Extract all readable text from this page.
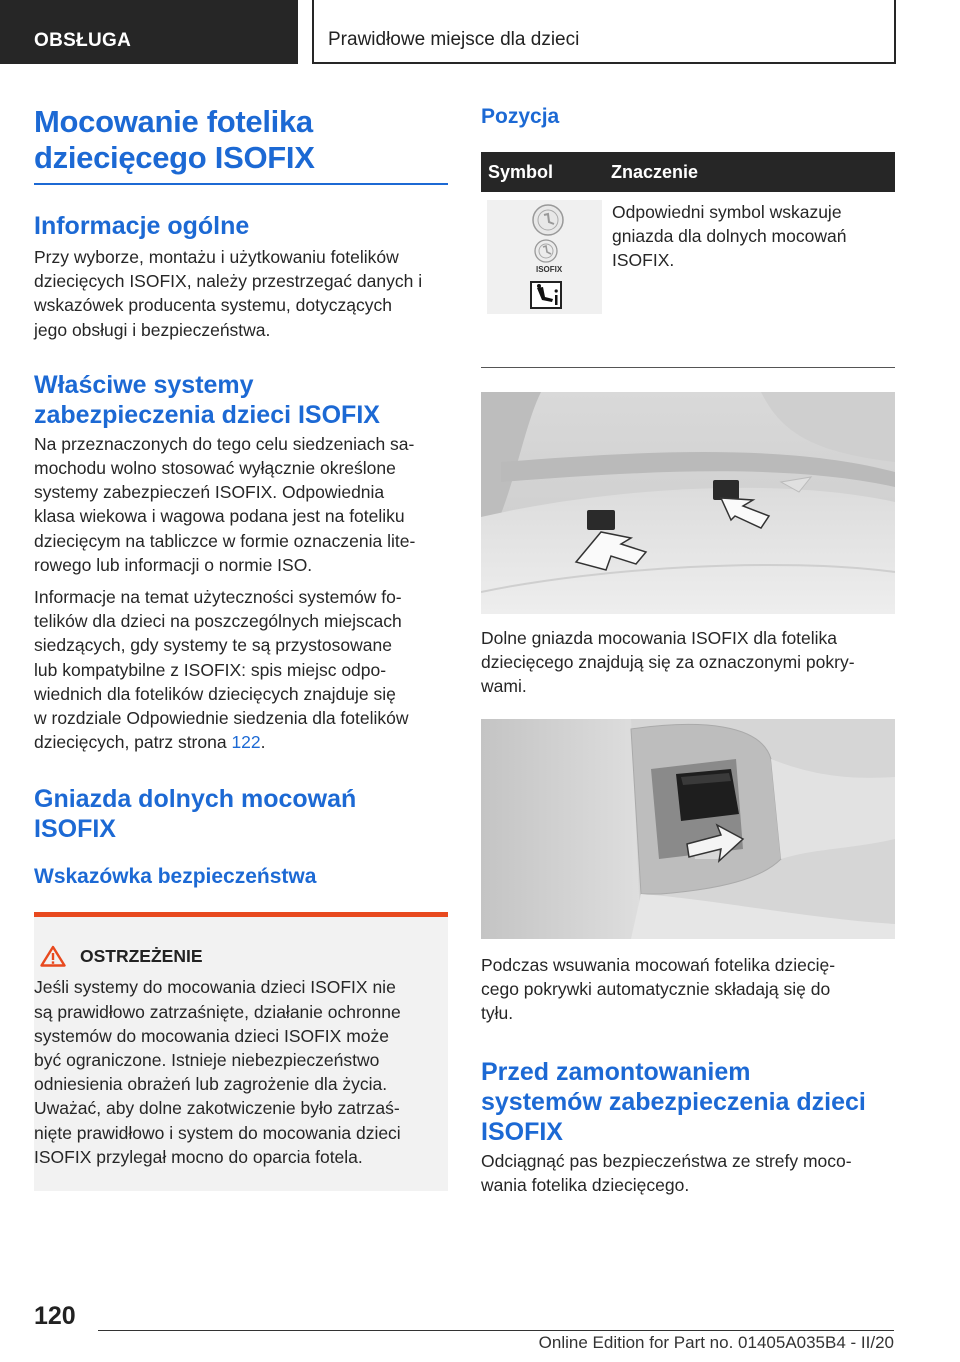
OBSŁUGA	Prawidłowe miejsce dla dzieci
Mocowanie fotelika
dziecięcego ISOFIX
Informacje ogólne
Przy wyborze, montażu i użytkowaniu fotelików
dziecięcych ISOFIX, należy przestrzegać danych i
wskazówek producenta systemu, dotyczących
jego obsługi i bezpieczeństwa.
Właściwe systemy
zabezpieczenia dzieci ISOFIX
Na przeznaczonych do tego celu siedzeniach sa-
mochodu wolno stosować wyłącznie określone
systemy zabezpieczeń ISOFIX. Odpowiednia
klasa wiekowa i wagowa podana jest na foteliku
dziecięcym na tabliczce w formie oznaczenia lite-
rowego lub informacji o normie ISO.
Informacje na temat użyteczności systemów fo-
telików dla dzieci na poszczególnych miejscach
siedzących, gdy systemy te są przystosowane
lub kompatybilne z ISOFIX: spis miejsc odpo-
wiednich dla fotelików dziecięcych znajduje się
w rozdziale Odpowiednie siedzenia dla fotelików
dziecięcych, patrz strona 122.
Gniazda dolnych mocowań
ISOFIX
Wskazówka bezpieczeństwa
OSTRZEŻENIE
Jeśli systemy do mocowania dzieci ISOFIX nie
są prawidłowo zatrzaśnięte, działanie ochronne
systemów do mocowania dzieci ISOFIX może
być ograniczone. Istnieje niebezpieczeństwo
odniesienia obrażeń lub zagrożenie dla życia.
Uważać, aby dolne zakotwiczenie było zatrzaś-
nięte prawidłowo i system do mocowania dzieci
ISOFIX przylegał mocno do oparcia fotela.
Pozycja
Symbol	Znaczenie
ISOFIX
Odpowiedni symbol wskazuje
gniazda dla dolnych mocowań
ISOFIX.
Dolne gniazda mocowania ISOFIX dla fotelika
dziecięcego znajdują się za oznaczonymi pokry-
wami.
Podczas wsuwania mocowań fotelika dziecię-
cego pokrywki automatycznie składają się do
tyłu.
Przed zamontowaniem
systemów zabezpieczenia dzieci
ISOFIX
Odciągnąć pas bezpieczeństwa ze strefy moco-
wania fotelika dziecięcego.
120
Online Edition for Part no. 01405A035B4 - II/20
